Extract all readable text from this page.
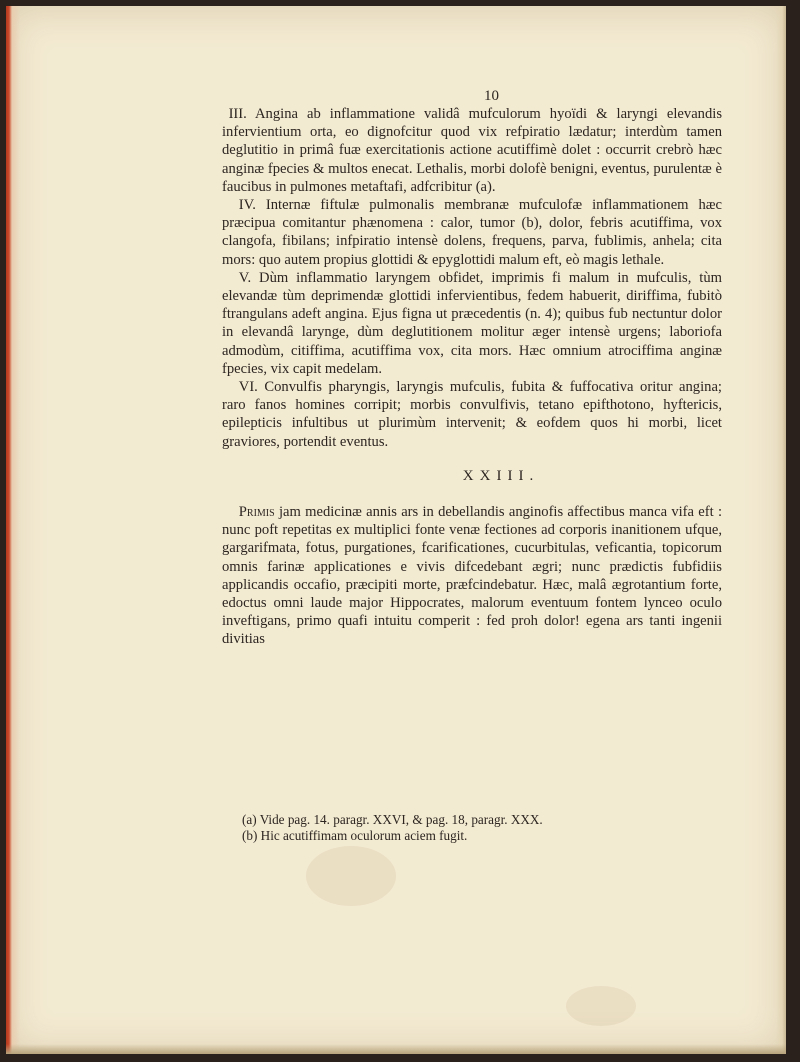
10

III. Angina ab inflammatione validâ mufculorum hyoïdi & laryngi elevandis infervientium orta, eo dignofcitur quod vix refpiratio lædatur; interdùm tamen deglutitio in primâ fuæ exercitationis actione acutiffimè dolet : occurrit crebrò hæc anginæ fpecies & multos enecat. Lethalis, morbi dolofè benigni, eventus, purulentæ è faucibus in pulmones metaftafi, adfcribitur (a).

IV. Internæ fiftulæ pulmonalis membranæ mufculofæ inflammationem hæc præcipua comitantur phænomena : calor, tumor (b), dolor, febris acutiffima, vox clangofa, fibilans; infpiratio intensè dolens, frequens, parva, fublimis, anhela; cita mors: quo autem propius glottidi & epyglottidi malum eft, eò magis lethale.

V. Dùm inflammatio laryngem obfidet, imprimis fi malum in mufculis, tùm elevandæ tùm deprimendæ glottidi infervientibus, fedem habuerit, diriffima, fubitò ftrangulans adeft angina. Ejus figna ut præcedentis (n. 4); quibus fub nectuntur dolor in elevandâ larynge, dùm deglutitionem molitur æger intensè urgens; laboriofa admodùm, citiffima, acutiffima vox, cita mors. Hæc omnium atrociffima anginæ fpecies, vix capit medelam.

VI. Convulfis pharyngis, laryngis mufculis, fubita & fuffocativa oritur angina; raro fanos homines corripit; morbis convulfivis, tetano epifthotono, hyftericis, epilepticis infultibus ut plurimùm intervenit; & eofdem quos hi morbi, licet graviores, portendit eventus.

XXIII.

Primis jam medicinæ annis ars in debellandis anginofis affectibus manca vifa eft : nunc poft repetitas ex multiplici fonte venæ fectiones ad corporis inanitionem ufque, gargarifmata, fotus, purgationes, fcarificationes, cucurbitulas, veficantia, topicorum omnis farinæ applicationes e vivis difcedebant ægri; nunc prædictis fubfidiis applicandis occafio, præcipiti morte, præfcindebatur. Hæc, malâ ægrotantium forte, edoctus omni laude major Hippocrates, malorum eventuum fontem lynceo oculo inveftigans, primo quafi intuitu comperit : fed proh dolor! egena ars tanti ingenii divitias

(a) Vide pag. 14. paragr. XXVI, & pag. 18, paragr. XXX.

(b) Hic acutiffimam oculorum aciem fugit.
